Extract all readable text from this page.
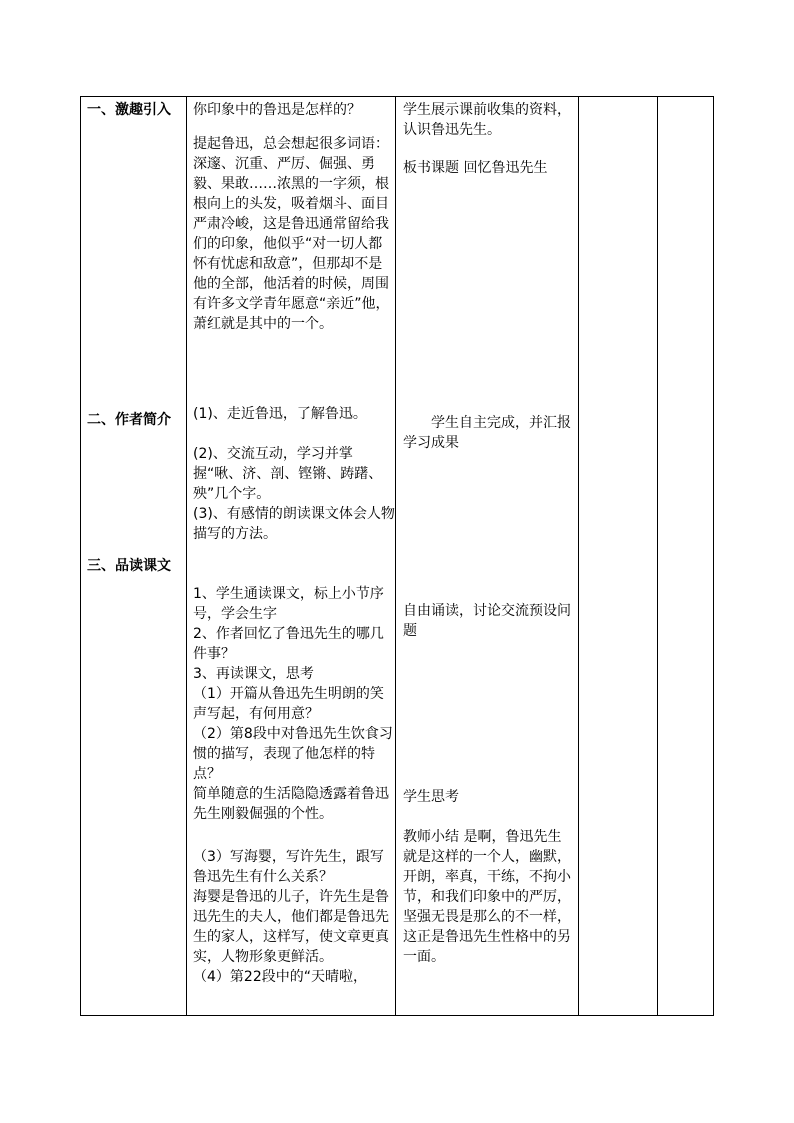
一、激趣引入

二、作者简介

三、品读课文

你印象中的鲁迅是怎样的？

提起鲁迅，总会想起很多词语：深邃、沉重、严厉、倔强、勇毅、果敢……浓黑的一字须，根根向上的头发，吸着烟斗、面目严肃冷峻，这是鲁迅通常留给我们的印象，他似乎“对一切人都怀有忧虑和敌意”，但那却不是他的全部，他活着的时候，周围有许多文学青年愿意“亲近”他，萧红就是其中的一个。

(1)、走近鲁迅，了解鲁迅。

(2)、交流互动，学习并掌握“啾、济、剖、铿锵、踌躇、殃”几个字。

(3)、有感情的朗读课文体会人物描写的方法。

1、学生通读课文，标上小节序号，学会生字

2、作者回忆了鲁迅先生的哪几件事？

3、再读课文，思考

（1）开篇从鲁迅先生明朗的笑声写起，有何用意？

（2）第8段中对鲁迅先生饮食习惯的描写，表现了他怎样的特点？

简单随意的生活隐隐透露着鲁迅先生刚毅倔强的个性。

（3）写海婴，写许先生，跟写鲁迅先生有什么关系？

海婴是鲁迅的儿子，许先生是鲁迅先生的夫人，他们都是鲁迅先生的家人，这样写，使文章更真实，人物形象更鲜活。

（4）第22段中的“天晴啦，

学生展示课前收集的资料，认识鲁迅先生。

板书课题 回忆鲁迅先生

学生自主完成，并汇报学习成果

自由诵读，讨论交流预设问题

学生思考

教师小结 是啊，鲁迅先生就是这样的一个人，幽默，开朗，率真，干练，不拘小节，和我们印象中的严厉，坚强无畏是那么的不一样，这正是鲁迅先生性格中的另一面。
